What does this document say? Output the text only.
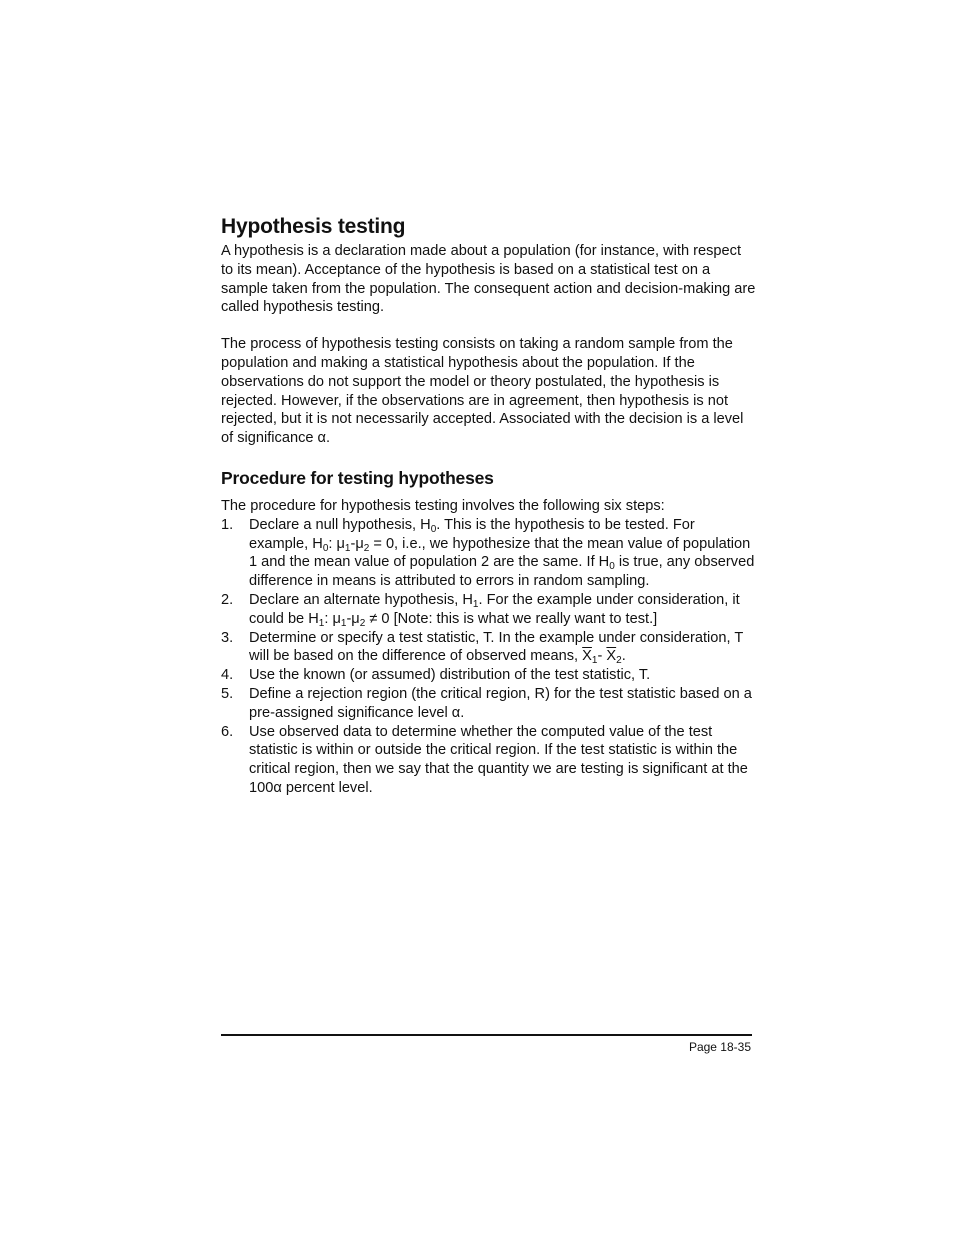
Hypothesis testing

A hypothesis is a declaration made about a population (for instance, with respect to its mean). Acceptance of the hypothesis is based on a statistical test on a sample taken from the population. The consequent action and decision-making are called hypothesis testing.

The process of hypothesis testing consists on taking a random sample from the population and making a statistical hypothesis about the population. If the observations do not support the model or theory postulated, the hypothesis is rejected. However, if the observations are in agreement, then hypothesis is not rejected, but it is not necessarily accepted. Associated with the decision is a level of significance α.

Procedure for testing hypotheses

The procedure for hypothesis testing involves the following six steps:

1. Declare a null hypothesis, $H_0$. This is the hypothesis to be tested. For example, $H_0$: $\mu_1-\mu_2 = 0$, i.e., we hypothesize that the mean value of population 1 and the mean value of population 2 are the same. If $H_0$ is true, any observed difference in means is attributed to errors in random sampling.
2. Declare an alternate hypothesis, $H_1$. For the example under consideration, it could be $H_1$: $\mu_1-\mu_2 \ne 0$ [Note: this is what we really want to test.]
3. Determine or specify a test statistic, T. In the example under consideration, T will be based on the difference of observed means, $\overline{X}_1-$ $\overline{X}_2$.
4. Use the known (or assumed) distribution of the test statistic, T.
5. Define a rejection region (the critical region, R) for the test statistic based on a pre-assigned significance level α.
6. Use observed data to determine whether the computed value of the test statistic is within or outside the critical region. If the test statistic is within the critical region, then we say that the quantity we are testing is significant at the 100α percent level.
Page 18-35
